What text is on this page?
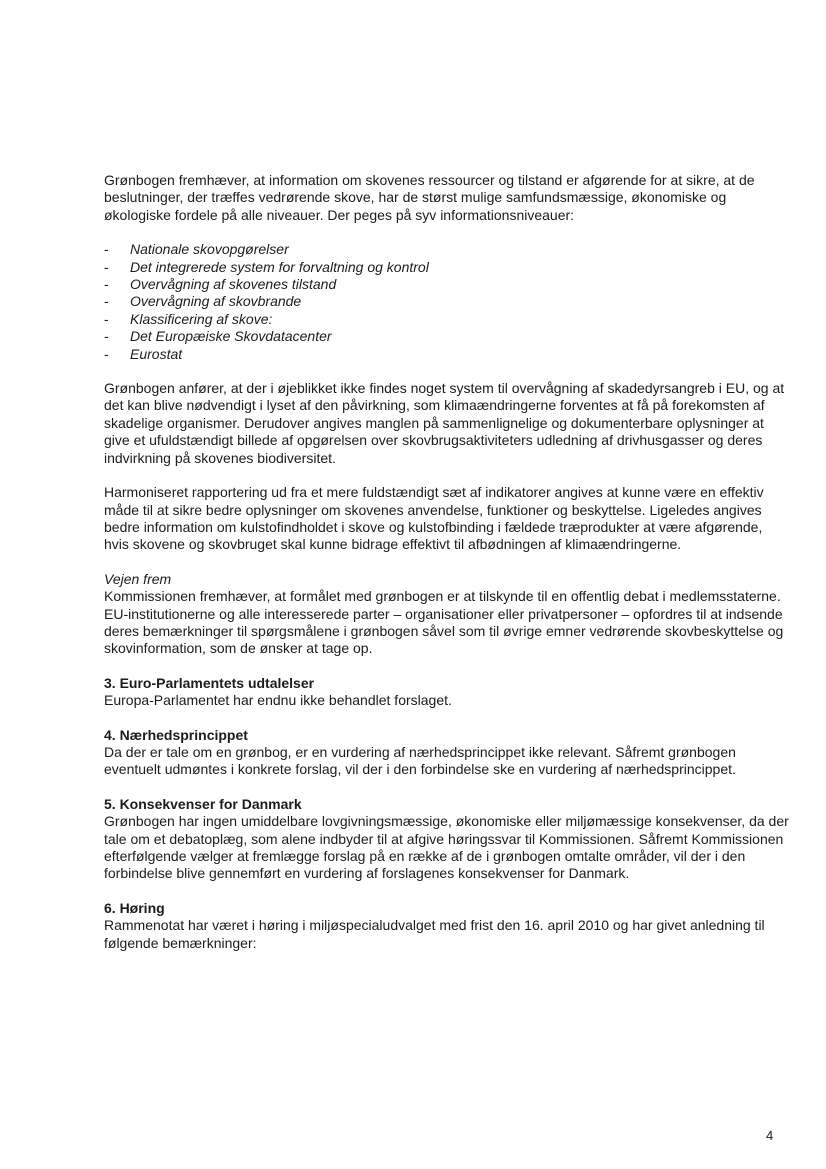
Grønbogen fremhæver, at information om skovenes ressourcer og tilstand er afgørende for at sikre, at de beslutninger, der træffes vedrørende skove, har de størst mulige samfundsmæssige, økonomiske og økologiske fordele på alle niveauer. Der peges på syv informationsniveauer:

- Nationale skovopgørelser
- Det integrerede system for forvaltning og kontrol
- Overvågning af skovenes tilstand
- Overvågning af skovbrande
- Klassificering af skove:
- Det Europæiske Skovdatacenter
- Eurostat

Grønbogen anfører, at der i øjeblikket ikke findes noget system til overvågning af skadedyrsangreb i EU, og at det kan blive nødvendigt i lyset af den påvirkning, som klimaændringerne forventes at få på forekomsten af skadelige organismer. Derudover angives manglen på sammenlignelige og dokumenterbare oplysninger at give et ufuldstændigt billede af opgørelsen over skovbrugsaktiviteters udledning af drivhusgasser og deres indvirkning på skovenes biodiversitet.

Harmoniseret rapportering ud fra et mere fuldstændigt sæt af indikatorer angives at kunne være en effektiv måde til at sikre bedre oplysninger om skovenes anvendelse, funktioner og beskyttelse. Ligeledes angives bedre information om kulstofindholdet i skove og kulstofbinding i fældede træprodukter at være afgørende, hvis skovene og skovbruget skal kunne bidrage effektivt til afbødningen af klimaændringerne.

Vejen frem

Kommissionen fremhæver, at formålet med grønbogen er at tilskynde til en offentlig debat i medlemsstaterne. EU-institutionerne og alle interesserede parter – organisationer eller privatpersoner – opfordres til at indsende deres bemærkninger til spørgsmålene i grønbogen såvel som til øvrige emner vedrørende skovbeskyttelse og skovinformation, som de ønsker at tage op.

3. Euro-Parlamentets udtalelser

Europa-Parlamentet har endnu ikke behandlet forslaget.

4. Nærhedsprincippet

Da der er tale om en grønbog, er en vurdering af nærhedsprincippet ikke relevant. Såfremt grønbogen eventuelt udmøntes i konkrete forslag, vil der i den forbindelse ske en vurdering af nærhedsprincippet.

5. Konsekvenser for Danmark

Grønbogen har ingen umiddelbare lovgivningsmæssige, økonomiske eller miljømæssige konsekvenser, da der tale om et debatoplæg, som alene indbyder til at afgive høringssvar til Kommissionen. Såfremt Kommissionen efterfølgende vælger at fremlægge forslag på en række af de i grønbogen omtalte områder, vil der i den forbindelse blive gennemført en vurdering af forslagenes konsekvenser for Danmark.

6. Høring

Rammenotat har været i høring i miljøspecialudvalget med frist den 16. april 2010 og har givet anledning til følgende bemærkninger:

4
